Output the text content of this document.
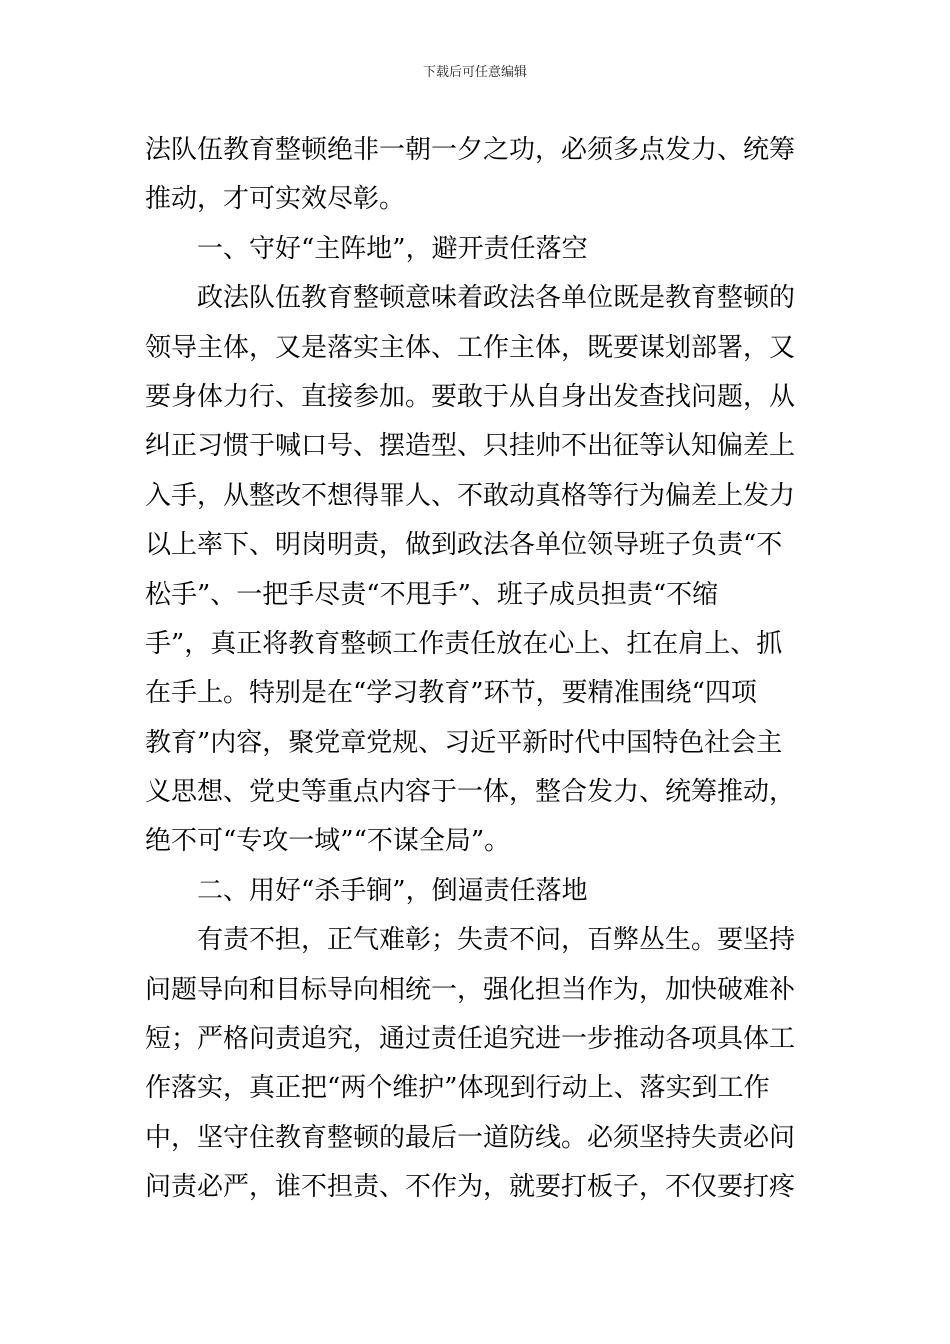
下载后可任意编辑
法队伍教育整顿绝非一朝一夕之功，必须多点发力、统筹
推动，才可实效尽彰。
一、守好“主阵地”，避开责任落空
政法队伍教育整顿意味着政法各单位既是教育整顿的
领导主体，又是落实主体、工作主体，既要谋划部署，又
要身体力行、直接参加。要敢于从自身出发查找问题，从
纠正习惯于喊口号、摆造型、只挂帅不出征等认知偏差上
入手，从整改不想得罪人、不敢动真格等行为偏差上发力
以上率下、明岗明责，做到政法各单位领导班子负责“不
松手”、一把手尽责“不甩手”、班子成员担责“不缩
手”，真正将教育整顿工作责任放在心上、扛在肩上、抓
在手上。特别是在“学习教育”环节，要精准围绕“四项
教育”内容，聚党章党规、习近平新时代中国特色社会主
义思想、党史等重点内容于一体，整合发力、统筹推动，
绝不可“专攻一域”“不谋全局”。
二、用好“杀手锏”，倒逼责任落地
有责不担，正气难彰；失责不问，百弊丛生。要坚持
问题导向和目标导向相统一，强化担当作为，加快破难补
短；严格问责追究，通过责任追究进一步推动各项具体工
作落实，真正把“两个维护”体现到行动上、落实到工作
中，坚守住教育整顿的最后一道防线。必须坚持失责必问
问责必严，谁不担责、不作为，就要打板子，不仅要打疼
